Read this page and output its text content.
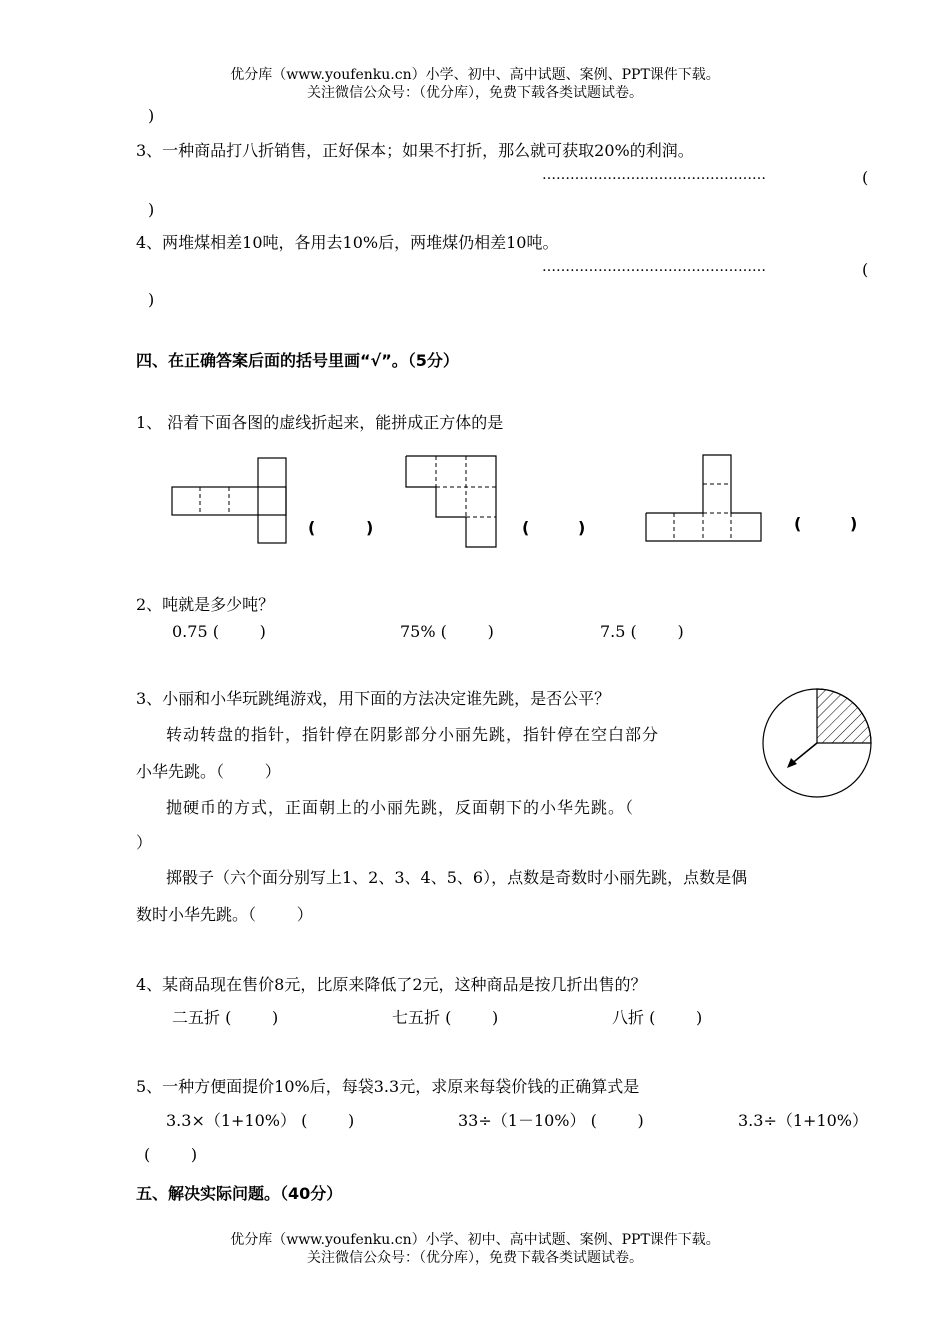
优分库（www.youfenku.cn）小学、初中、高中试题、案例、PPT课件下载。
关注微信公众号：（优分库），免费下载各类试题试卷。
)
3、一种商品打八折销售，正好保本；如果不打折，那么就可获取20%的利润。
…………………………………………	(
)
4、两堆煤相差10吨，各用去10%后，两堆煤仍相差10吨。
…………………………………………	(
)
四、在正确答案后面的括号里画“√”。（5分）
1、 沿着下面各图的虚线折起来，能拼成正方体的是
(	)	(	)	(	)
2、吨就是多少吨？
0.75 (        )	75% (        )	7.5 (        )
3、小丽和小华玩跳绳游戏，用下面的方法决定谁先跳，是否公平？
转动转盘的指针，指针停在阴影部分小丽先跳，指针停在空白部分
小华先跳。（        ）
抛硬币的方式，正面朝上的小丽先跳，反面朝下的小华先跳。（
）
掷骰子（六个面分别写上1、2、3、4、5、6），点数是奇数时小丽先跳，点数是偶
数时小华先跳。（        ）
4、某商品现在售价8元，比原来降低了2元，这种商品是按几折出售的？
二五折 (        )	七五折 (        )	八折 (        )
5、一种方便面提价10%后，每袋3.3元，求原来每袋价钱的正确算式是
3.3×（1+10%） (        )	33÷（1－10%） (        )	3.3÷（1+10%）
(        )
五、解决实际问题。（40分）
优分库（www.youfenku.cn）小学、初中、高中试题、案例、PPT课件下载。
关注微信公众号：（优分库），免费下载各类试题试卷。
